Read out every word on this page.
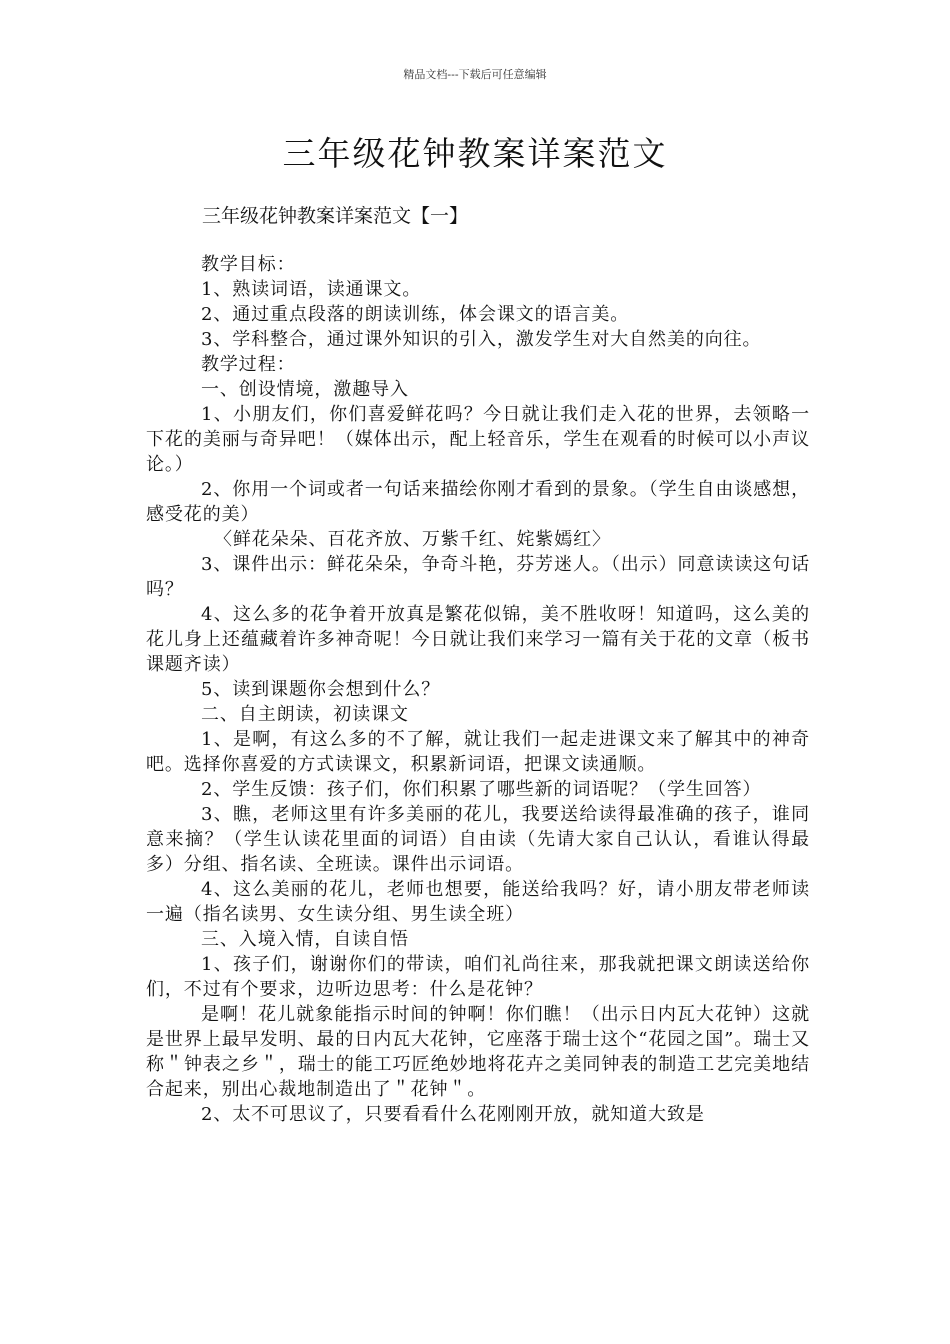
精品文档---下载后可任意编辑
三年级花钟教案详案范文
三年级花钟教案详案范文【一】

教学目标：

1、熟读词语，读通课文。

2、通过重点段落的朗读训练，体会课文的语言美。

3、学科整合，通过课外知识的引入，激发学生对大自然美的向往。

教学过程：

一、创设情境，激趣导入

1、小朋友们，你们喜爱鲜花吗？今日就让我们走入花的世界，去领略一下花的美丽与奇异吧！（媒体出示，配上轻音乐，学生在观看的时候可以小声议论。）

2、你用一个词或者一句话来描绘你刚才看到的景象。（学生自由谈感想，感受花的美）

〈鲜花朵朵、百花齐放、万紫千红、姹紫嫣红〉

3、课件出示：鲜花朵朵，争奇斗艳，芬芳迷人。（出示）同意读读这句话吗？

4、这么多的花争着开放真是繁花似锦，美不胜收呀！知道吗，这么美的花儿身上还蕴藏着许多神奇呢！今日就让我们来学习一篇有关于花的文章（板书课题齐读）

5、读到课题你会想到什么？

二、自主朗读，初读课文

1、是啊，有这么多的不了解，就让我们一起走进课文来了解其中的神奇吧。选择你喜爱的方式读课文，积累新词语，把课文读通顺。

2、学生反馈：孩子们，你们积累了哪些新的词语呢？（学生回答）

3、瞧，老师这里有许多美丽的花儿，我要送给读得最准确的孩子，谁同意来摘？（学生认读花里面的词语）自由读（先请大家自己认认，看谁认得最多）分组、指名读、全班读。课件出示词语。

4、这么美丽的花儿，老师也想要，能送给我吗？好，请小朋友带老师读一遍（指名读男、女生读分组、男生读全班）

三、入境入情，自读自悟

1、孩子们，谢谢你们的带读，咱们礼尚往来，那我就把课文朗读送给你们，不过有个要求，边听边思考：什么是花钟？

是啊！花儿就象能指示时间的钟啊！你们瞧！（出示日内瓦大花钟）这就是世界上最早发明、最的日内瓦大花钟，它座落于瑞士这个“花园之国”。瑞士又称＂钟表之乡＂，瑞士的能工巧匠绝妙地将花卉之美同钟表的制造工艺完美地结合起来，别出心裁地制造出了＂花钟＂。

2、太不可思议了，只要看看什么花刚刚开放，就知道大致是
